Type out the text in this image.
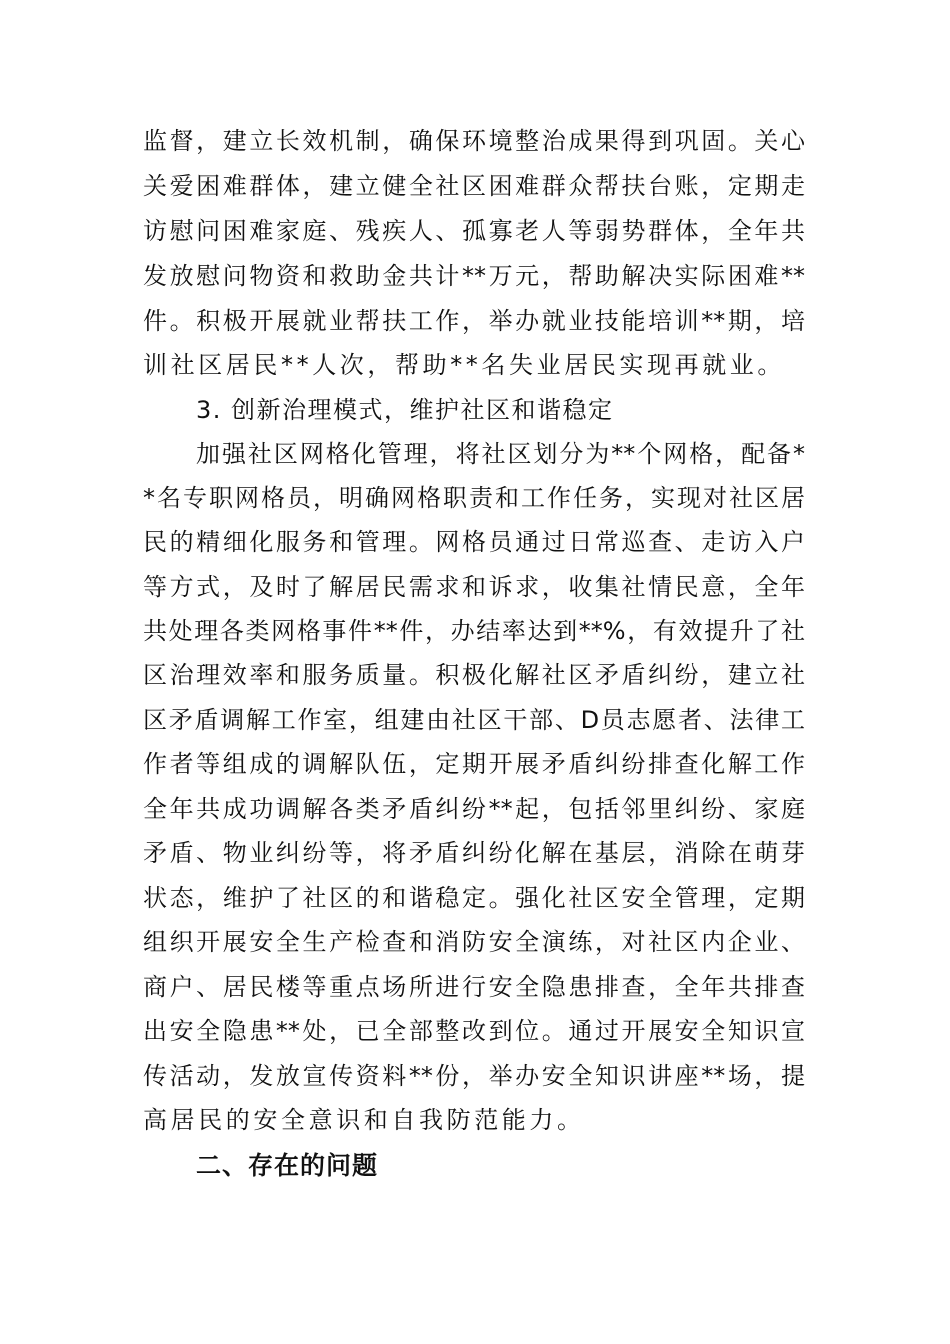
监督，建立长效机制，确保环境整治成果得到巩固。关心
关爱困难群体，建立健全社区困难群众帮扶台账，定期走
访慰问困难家庭、残疾人、孤寡老人等弱势群体，全年共
发放慰问物资和救助金共计**万元，帮助解决实际困难**
件。积极开展就业帮扶工作，举办就业技能培训**期，培
训社区居民**人次，帮助**名失业居民实现再就业。
3. 创新治理模式，维护社区和谐稳定
加强社区网格化管理，将社区划分为**个网格，配备*
*名专职网格员，明确网格职责和工作任务，实现对社区居
民的精细化服务和管理。网格员通过日常巡查、走访入户
等方式，及时了解居民需求和诉求，收集社情民意，全年
共处理各类网格事件**件，办结率达到**%，有效提升了社
区治理效率和服务质量。积极化解社区矛盾纠纷，建立社
区矛盾调解工作室，组建由社区干部、D员志愿者、法律工
作者等组成的调解队伍，定期开展矛盾纠纷排查化解工作
全年共成功调解各类矛盾纠纷**起，包括邻里纠纷、家庭
矛盾、物业纠纷等，将矛盾纠纷化解在基层，消除在萌芽
状态，维护了社区的和谐稳定。强化社区安全管理，定期
组织开展安全生产检查和消防安全演练，对社区内企业、
商户、居民楼等重点场所进行安全隐患排查，全年共排查
出安全隐患**处，已全部整改到位。通过开展安全知识宣
传活动，发放宣传资料**份，举办安全知识讲座**场，提
高居民的安全意识和自我防范能力。
二、存在的问题
